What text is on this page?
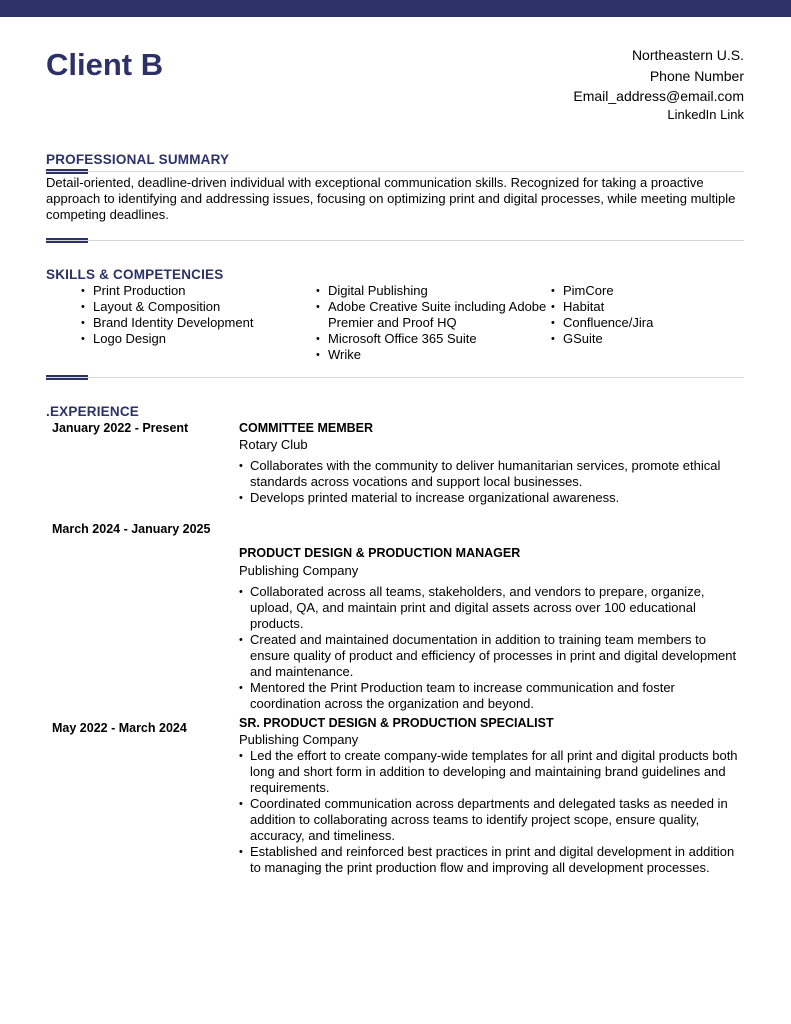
Client B	Northeastern U.S.
Phone Number
Email_address@email.com
LinkedIn Link
PROFESSIONAL SUMMARY

Detail-oriented, deadline-driven individual with exceptional communication skills. Recognized for taking a proactive approach to identifying and addressing issues, focusing on optimizing print and digital processes, while meeting multiple competing deadlines.

SKILLS & COMPETENCIES
• Print Production
• Layout & Composition
• Brand Identity Development
• Logo Design
• Digital Publishing
• Adobe Creative Suite including Adobe Premier and Proof HQ
• Microsoft Office 365 Suite
• Wrike
• PimCore
• Habitat
• Confluence/Jira
• GSuite
.EXPERIENCE
January 2022 - Present	COMMITTEE MEMBER
Rotary Club
• Collaborates with the community to deliver humanitarian services, promote ethical standards across vocations and support local businesses.
• Develops printed material to increase organizational awareness.
March 2024 - January 2025
PRODUCT DESIGN & PRODUCTION MANAGER
Publishing Company
• Collaborated across all teams, stakeholders, and vendors to prepare, organize, upload, QA, and maintain print and digital assets across over 100 educational products.
• Created and maintained documentation in addition to training team members to ensure quality of product and efficiency of processes in print and digital development and maintenance.
• Mentored the Print Production team to increase communication and foster coordination across the organization and beyond.
May 2022 - March 2024	SR. PRODUCT DESIGN & PRODUCTION SPECIALIST
Publishing Company
• Led the effort to create company-wide templates for all print and digital products both long and short form in addition to developing and maintaining brand guidelines and requirements.
• Coordinated communication across departments and delegated tasks as needed in addition to collaborating across teams to identify project scope, ensure quality, accuracy, and timeliness.
• Established and reinforced best practices in print and digital development in addition to managing the print production flow and improving all development processes.
